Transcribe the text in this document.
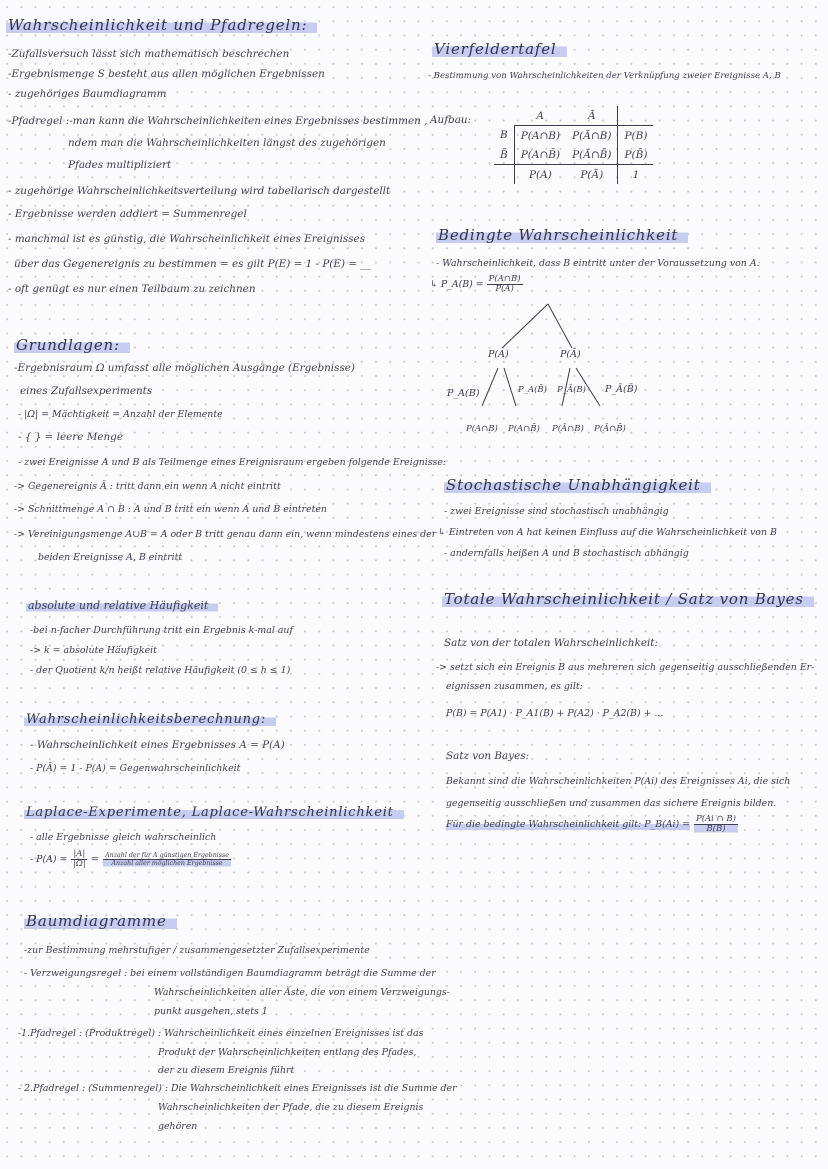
Wahrscheinlichkeit und Pfadregeln:
-Zufallsversuch lässt sich mathematisch beschrechen
-Ergebnismenge S besteht aus allen möglichen Ergebnissen
- zugehöriges Baumdiagramm
-Pfadregel :-man kann die Wahrscheinlichkeiten eines Ergebnisses bestimmen ,
ndem man die Wahrscheinlichkeiten längst des zugehörigen
Pfades multipliziert
- zugehörige Wahrscheinlichkeitsverteilung wird tabellarisch dargestellt
- Ergebnisse werden addiert = Summenregel
- manchmal ist es günstig, die Wahrscheinlichkeit eines Ereignisses
über das Gegenereignis zu bestimmen = es gilt P(E) = 1 - P(E) = __
- oft genügt es nur einen Teilbaum zu zeichnen
Grundlagen:
-Ergebnisraum Ω umfasst alle möglichen Ausgänge (Ergebnisse)
eines Zufallsexperiments
- |Ω| = Mächtigkeit = Anzahl der Elemente
- { } = leere Menge
- zwei Ereignisse A und B als Teilmenge eines Ereignisraum ergeben folgende Ereignisse:
-> Gegenereignis Ā : tritt dann ein wenn A nicht eintritt
-> Schnittmenge A ∩ B : A und B tritt ein wenn A und B eintreten
-> Vereinigungsmenge A∪B = A oder B tritt genau dann ein, wenn mindestens eines der
beiden Ereignisse A, B eintritt
absolute und relative Häufigkeit
-bei n-facher Durchführung tritt ein Ergebnis k-mal auf
-> k = absolute Häufigkeit
- der Quotient k/n heißt relative Häufigkeit (0 ≤ h ≤ 1)
Wahrscheinlichkeitsberechnung:
- Wahrscheinlichkeit eines Ergebnisses A = P(A)
- P(Ā) = 1 - P(A) = Gegenwahrscheinlichkeit
Laplace-Experimente, Laplace-Wahrscheinlichkeit
- alle Ergebnisse gleich wahrscheinlich
- $P(A) = \frac{|A|}{|\Omega|} = \frac{\text{Anzahl der für A günstigen Ergebnisse}}{\text{Anzahl aller möglichen Ergebnisse}}$
Baumdiagramme
-zur Bestimmung mehrstufiger / zusammengesetzter Zufallsexperimente
- Verzweigungsregel : bei einem vollständigen Baumdiagramm beträgt die Summe der
Wahrscheinlichkeiten aller Äste, die von einem Verzweigungs-
punkt ausgehen, stets 1
-1.Pfadregel : (Produktregel) : Wahrscheinlichkeit eines einzelnen Ereignisses ist das
Produkt der Wahrscheinlichkeiten entlang des Pfades,
der zu diesem Ereignis führt
- 2.Pfadregel : (Summenregel) : Die Wahrscheinlichkeit eines Ereignisses ist die Summe der
Wahrscheinlichkeiten der Pfade, die zu diesem Ereignis
gehören
Vierfeldertafel
- Bestimmung von Wahrscheinlichkeiten der Verknüpfung zweier Ereignisse A, B
Aufbau:
		A	Ā	
B	P(A∩B)	P(Ā∩B)	P(B)
B̄	P(A∩B̄)	P(Ā∩B̄)	P(B̄)
	P(A)	P(Ā)	1
Bedingte Wahrscheinlichkeit
- Wahrscheinlichkeit, dass B eintritt unter der Voraussetzung von A.
↳ P_A(B) = $\frac{P(A\cap B)}{P(A)}$
P(A)	P(Ā)
P_A(B)	P_A(B̄) P_Ā(B) P_Ā(B̄)
P(A∩B) P(A∩B̄) P(Ā∩B) P(Ā∩B̄)
Stochastische Unabhängigkeit
- zwei Ereignisse sind stochastisch unabhängig
↳ Eintreten von A hat keinen Einfluss auf die Wahrscheinlichkeit von B
- andernfalls heißen A und B stochastisch abhängig
Totale Wahrscheinlichkeit / Satz von Bayes
Satz von der totalen Wahrscheinlichkeit:
-> setzt sich ein Ereignis B aus mehreren sich gegenseitig ausschließenden Er-
eignissen zusammen, es gilt:
P(B) = P(A1) · P_A1(B) + P(A2) · P_A2(B) + ...
Satz von Bayes:
Bekannt sind die Wahrscheinlichkeiten P(Ai) des Ereignisses Ai, die sich
gegenseitig ausschließen und zusammen das sichere Ereignis bilden.
Für die bedingte Wahrscheinlichkeit gilt: P_B(Ai) = $\frac{P(Ai \cap B)}{B(B)}$
